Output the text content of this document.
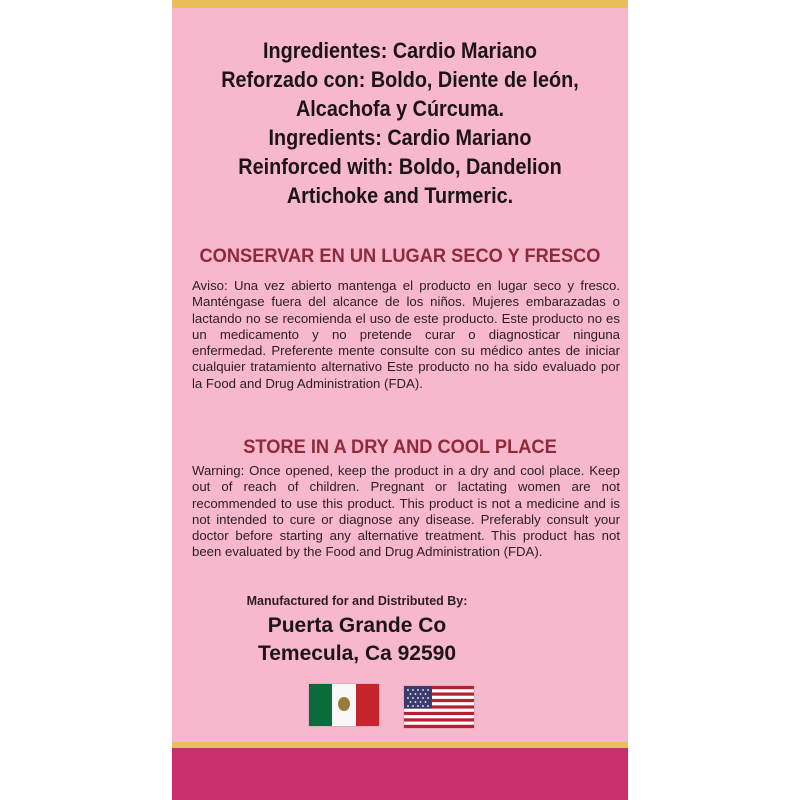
Ingredientes: Cardio Mariano
Reforzado con: Boldo, Diente de león,
Alcachofa y Cúrcuma.
Ingredients: Cardio Mariano
Reinforced with: Boldo, Dandelion
Artichoke and Turmeric.
CONSERVAR EN UN LUGAR SECO Y FRESCO
Aviso: Una vez abierto mantenga el producto en lugar seco y fresco. Manténgase fuera del alcance de los niños. Mujeres embarazadas o lactando no se recomienda el uso de este producto. Este producto no es un medicamento y no pretende curar o diagnosticar ninguna enfermedad. Preferente mente consulte con su médico antes de iniciar cualquier tratamiento alternativo Este producto no ha sido evaluado por la Food and Drug Administration (FDA).
STORE IN A DRY AND COOL PLACE
Warning: Once opened, keep the product in a dry and cool place. Keep out of reach of children. Pregnant or lactating women are not recommended to use this product. This product is not a medicine and is not intended to cure or diagnose any disease. Preferably consult your doctor before starting any alternative treatment. This product has not been evaluated by the Food and Drug Administration (FDA).
Manufactured for and Distributed By:
Puerta Grande Co
Temecula, Ca 92590
